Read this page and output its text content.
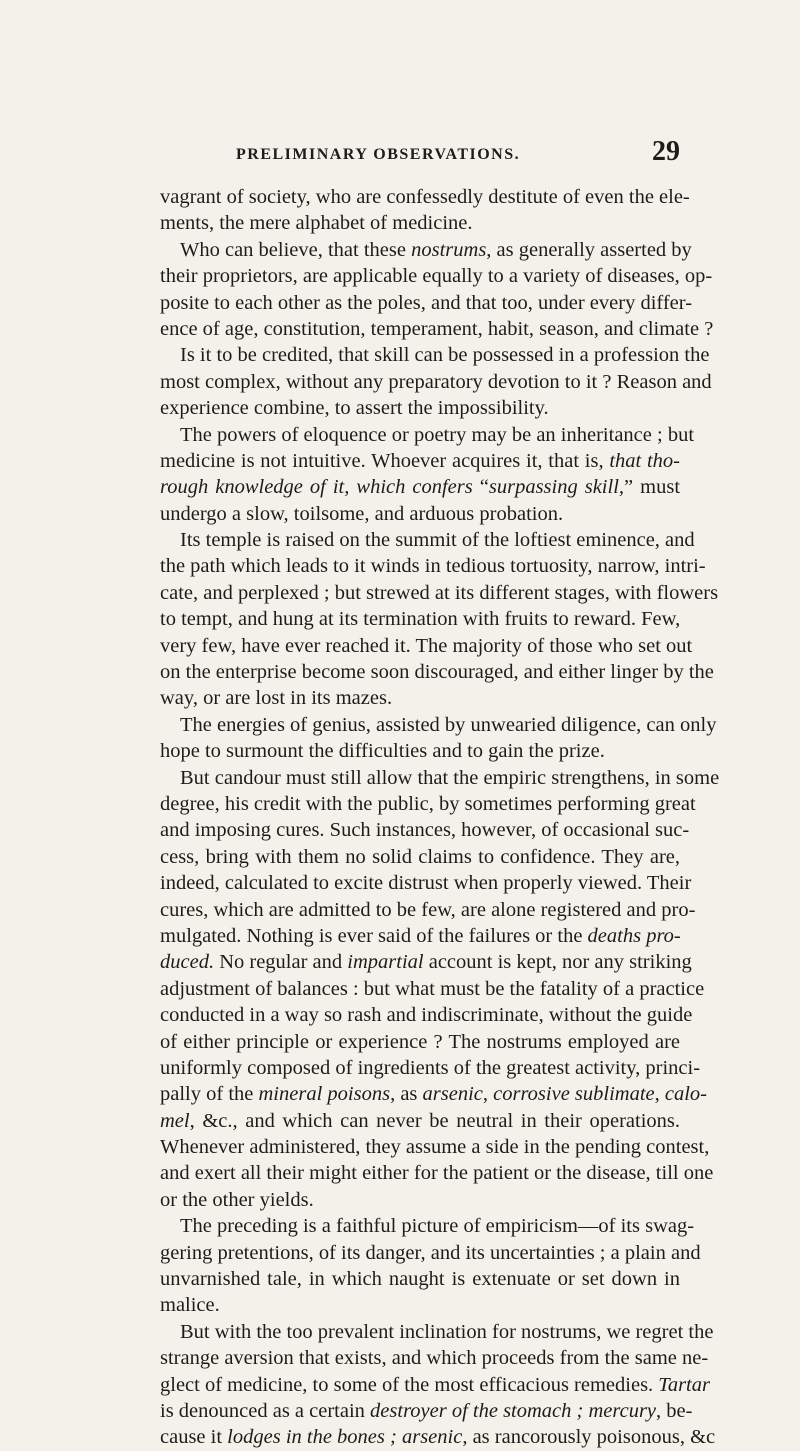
PRELIMINARY OBSERVATIONS.	29
vagrant of society, who are confessedly destitute of even the ele-
ments, the mere alphabet of medicine.
Who can believe, that these nostrums, as generally asserted by
their proprietors, are applicable equally to a variety of diseases, op-
posite to each other as the poles, and that too, under every differ-
ence of age, constitution, temperament, habit, season, and climate ?
Is it to be credited, that skill can be possessed in a profession the
most complex, without any preparatory devotion to it ? Reason and
experience combine, to assert the impossibility.
The powers of eloquence or poetry may be an inheritance ; but
medicine is not intuitive. Whoever acquires it, that is, that tho-
rough knowledge of it, which confers “surpassing skill,” must
undergo a slow, toilsome, and arduous probation.
Its temple is raised on the summit of the loftiest eminence, and
the path which leads to it winds in tedious tortuosity, narrow, intri-
cate, and perplexed ; but strewed at its different stages, with flowers
to tempt, and hung at its termination with fruits to reward. Few,
very few, have ever reached it. The majority of those who set out
on the enterprise become soon discouraged, and either linger by the
way, or are lost in its mazes.
The energies of genius, assisted by unwearied diligence, can only
hope to surmount the difficulties and to gain the prize.
But candour must still allow that the empiric strengthens, in some
degree, his credit with the public, by sometimes performing great
and imposing cures. Such instances, however, of occasional suc-
cess, bring with them no solid claims to confidence. They are,
indeed, calculated to excite distrust when properly viewed. Their
cures, which are admitted to be few, are alone registered and pro-
mulgated. Nothing is ever said of the failures or the deaths pro-
duced. No regular and impartial account is kept, nor any striking
adjustment of balances : but what must be the fatality of a practice
conducted in a way so rash and indiscriminate, without the guide
of either principle or experience ? The nostrums employed are
uniformly composed of ingredients of the greatest activity, princi-
pally of the mineral poisons, as arsenic, corrosive sublimate, calo-
mel, &c., and which can never be neutral in their operations.
Whenever administered, they assume a side in the pending contest,
and exert all their might either for the patient or the disease, till one
or the other yields.
The preceding is a faithful picture of empiricism—of its swag-
gering pretentions, of its danger, and its uncertainties ; a plain and
unvarnished tale, in which naught is extenuate or set down in
malice.
But with the too prevalent inclination for nostrums, we regret the
strange aversion that exists, and which proceeds from the same ne-
glect of medicine, to some of the most efficacious remedies. Tartar
is denounced as a certain destroyer of the stomach ; mercury, be-
cause it lodges in the bones ; arsenic, as rancorously poisonous, &c
